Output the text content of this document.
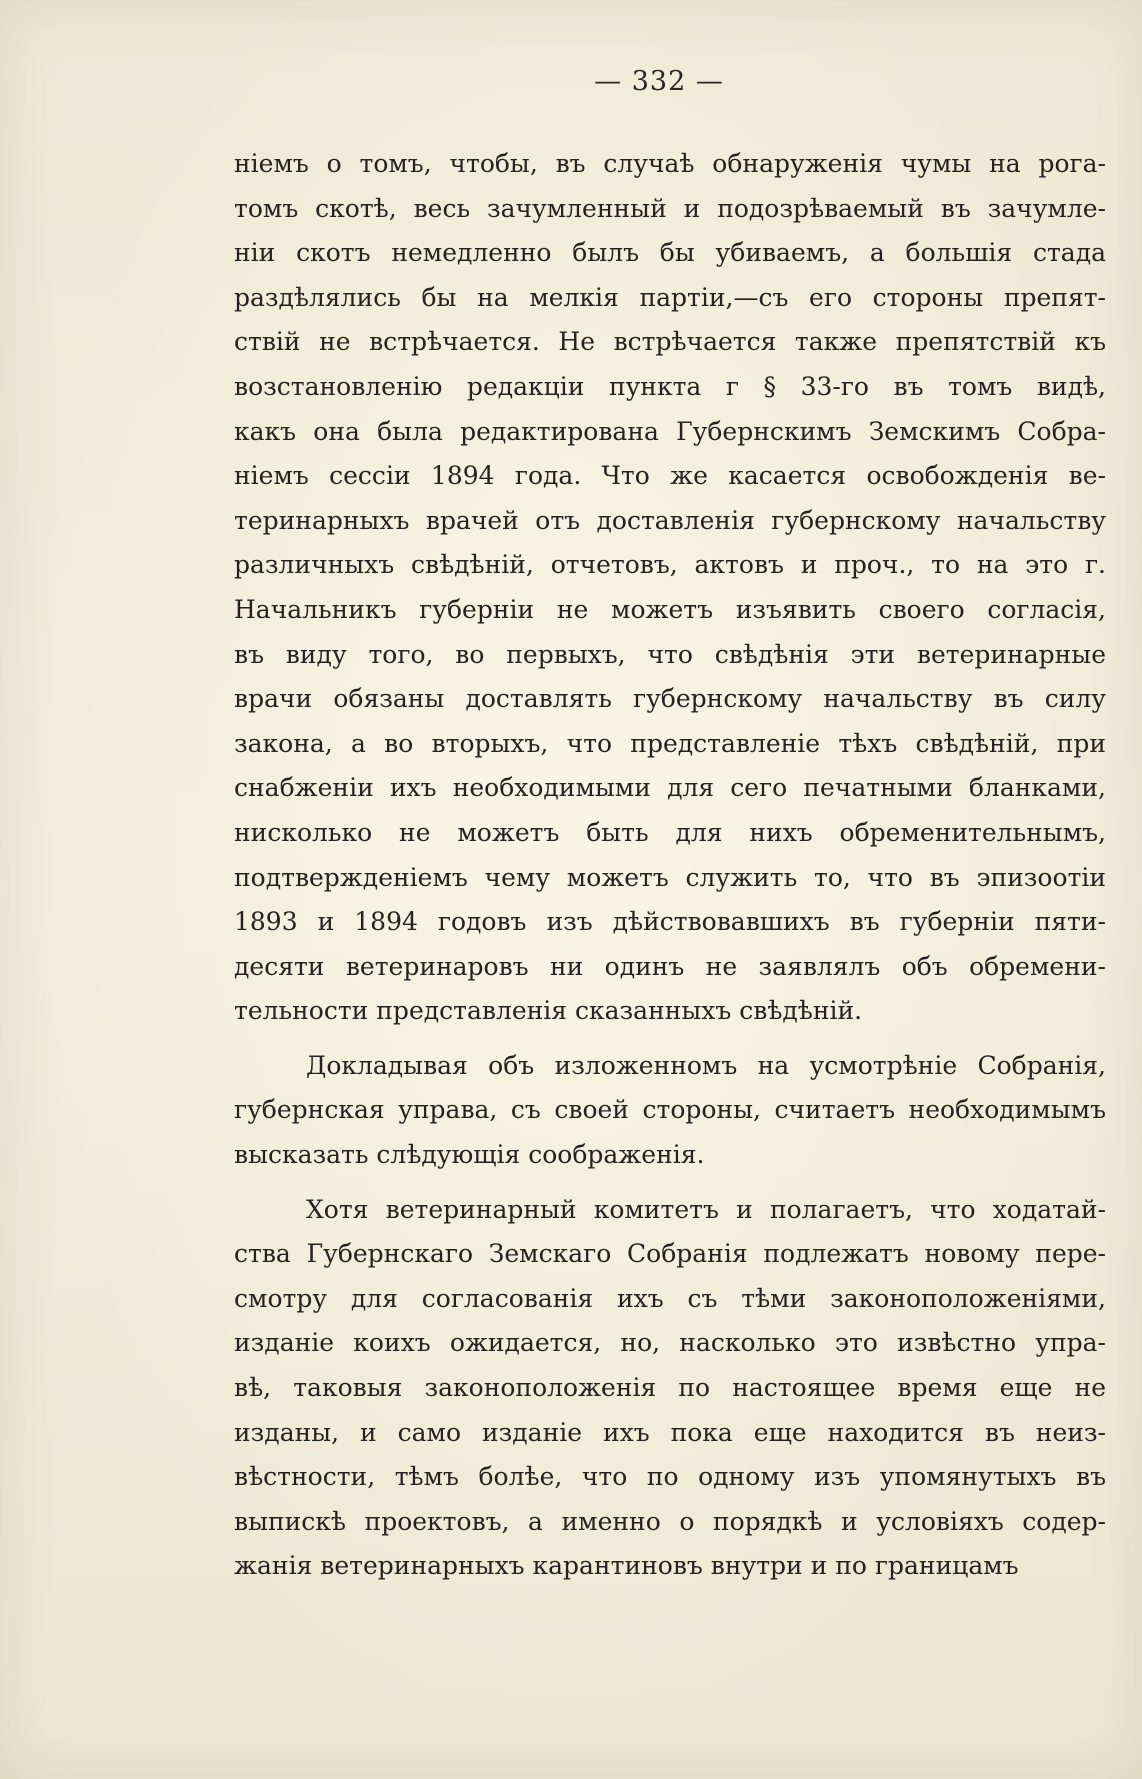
— 332 —
ніемъ о томъ, чтобы, въ случаѣ обнаруженія чумы на рога-
томъ скотѣ, весь зачумленный и подозрѣваемый въ зачумле-
ніи скотъ немедленно былъ бы убиваемъ, а большія стада
раздѣлялись бы на мелкія партіи,—съ его стороны препят-
ствій не встрѣчается. Не встрѣчается также препятствій къ
возстановленію редакціи пункта г § 33-го въ томъ видѣ,
какъ она была редактирована Губернскимъ Земскимъ Собра-
ніемъ сессіи 1894 года. Что же касается освобожденія ве-
теринарныхъ врачей отъ доставленія губернскому начальству
различныхъ свѣдѣній, отчетовъ, актовъ и проч., то на это г.
Начальникъ губерніи не можетъ изъявить своего согласія,
въ виду того, во первыхъ, что свѣдѣнія эти ветеринарные
врачи обязаны доставлять губернскому начальству въ силу
закона, а во вторыхъ, что представленіе тѣхъ свѣдѣній, при
снабженіи ихъ необходимыми для сего печатными бланками,
нисколько не можетъ быть для нихъ обременительнымъ,
подтвержденіемъ чему можетъ служить то, что въ эпизоотіи
1893 и 1894 годовъ изъ дѣйствовавшихъ въ губерніи пяти-
десяти ветеринаровъ ни одинъ не заявлялъ объ обремени-
тельности представленія сказанныхъ свѣдѣній.
Докладывая объ изложенномъ на усмотрѣніе Собранія,
губернская управа, съ своей стороны, считаетъ необходимымъ
высказать слѣдующія соображенія.
Хотя ветеринарный комитетъ и полагаетъ, что ходатай-
ства Губернскаго Земскаго Собранія подлежатъ новому пере-
смотру для согласованія ихъ съ тѣми законоположеніями,
изданіе коихъ ожидается, но, насколько это извѣстно упра-
вѣ, таковыя законоположенія по настоящее время еще не
изданы, и само изданіе ихъ пока еще находится въ неиз-
вѣстности, тѣмъ болѣе, что по одному изъ упомянутыхъ въ
выпискѣ проектовъ, а именно о порядкѣ и условіяхъ содер-
жанія ветеринарныхъ карантиновъ внутри и по границамъ
